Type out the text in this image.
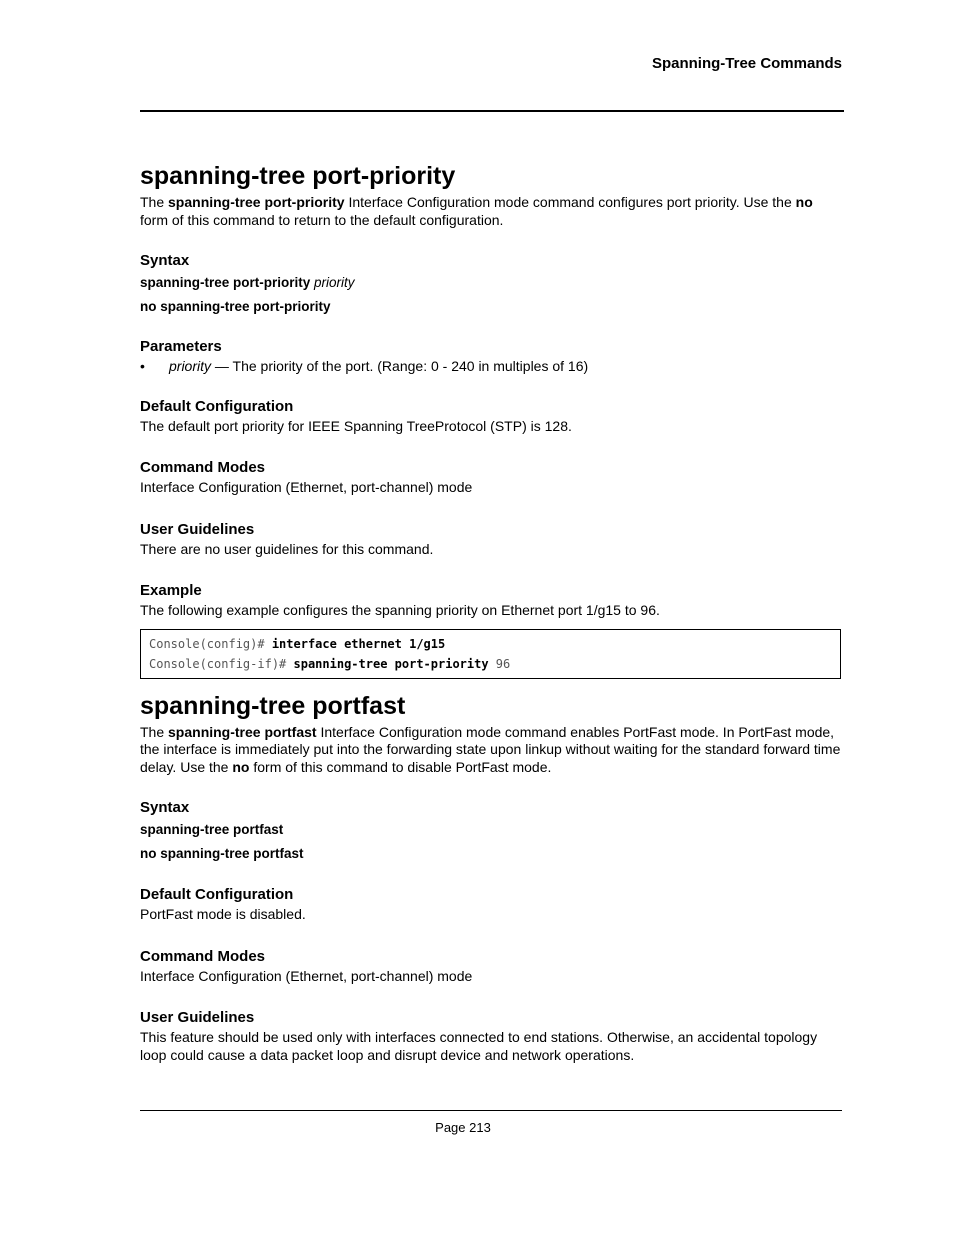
Spanning-Tree Commands
spanning-tree port-priority

The spanning-tree port-priority Interface Configuration mode command configures port priority. Use the no form of this command to return to the default configuration.

Syntax
spanning-tree port-priority priority
no spanning-tree port-priority
Parameters
•	priority — The priority of the port. (Range: 0 - 240 in multiples of 16)
Default Configuration

The default port priority for IEEE Spanning TreeProtocol (STP) is 128.

Command Modes

Interface Configuration (Ethernet, port-channel) mode

User Guidelines

There are no user guidelines for this command.

Example

The following example configures the spanning priority on Ethernet port 1/g15 to 96.

Console(config)# interface ethernet 1/g15
Console(config-if)# spanning-tree port-priority 96
spanning-tree portfast

The spanning-tree portfast Interface Configuration mode command enables PortFast mode. In PortFast mode, the interface is immediately put into the forwarding state upon linkup without waiting for the standard forward time delay. Use the no form of this command to disable PortFast mode.

Syntax
spanning-tree portfast
no spanning-tree portfast
Default Configuration

PortFast mode is disabled.

Command Modes

Interface Configuration (Ethernet, port-channel) mode

User Guidelines

This feature should be used only with interfaces connected to end stations. Otherwise, an accidental topology loop could cause a data packet loop and disrupt device and network operations.

Page 213
